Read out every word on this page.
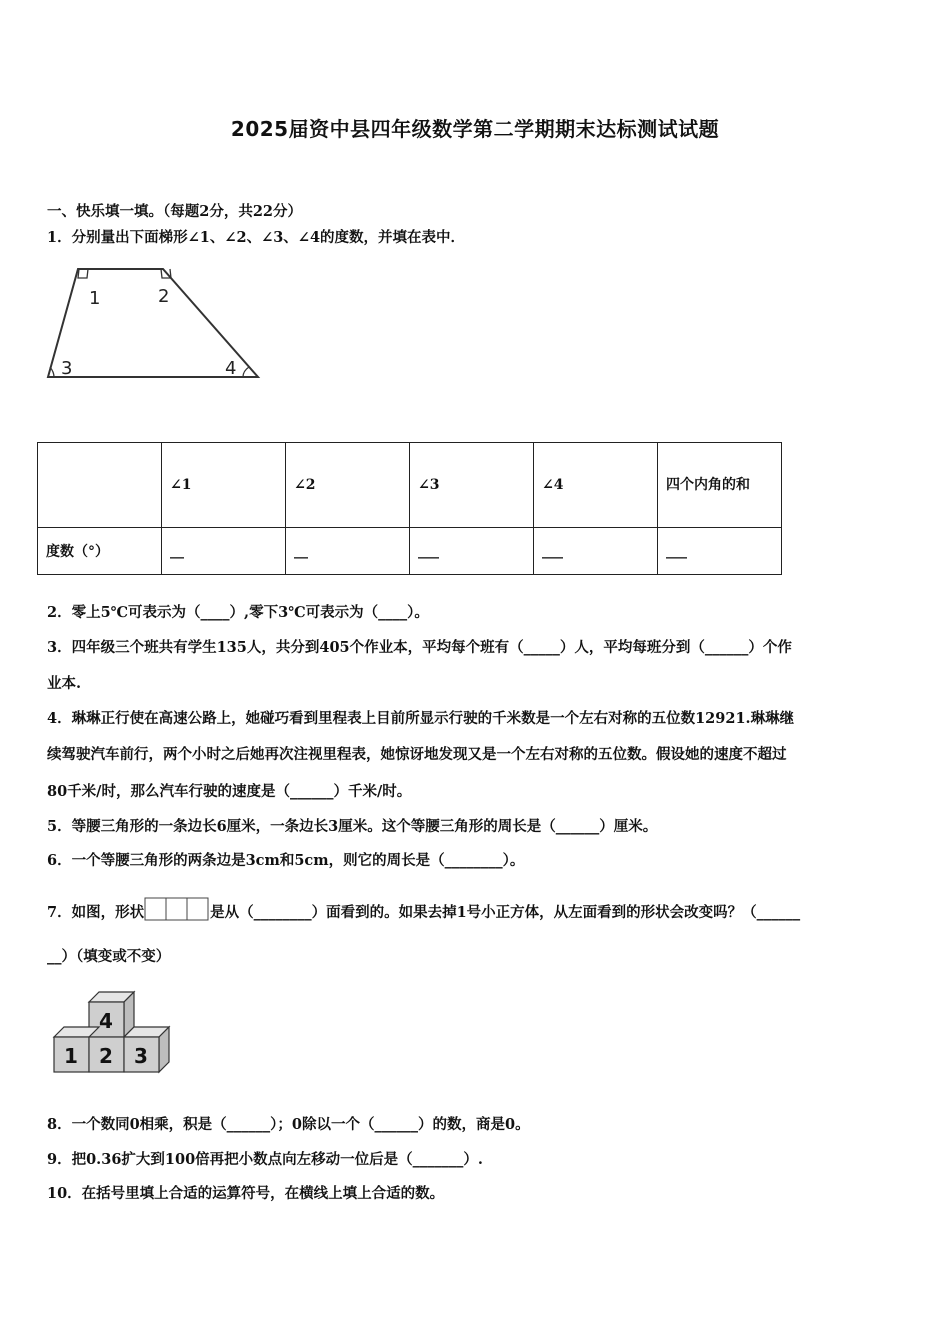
2025届资中县四年级数学第二学期期末达标测试试题
一、快乐填一填。（每题2分，共22分）
1．分别量出下面梯形∠1、∠2、∠3、∠4的度数，并填在表中．
1	2
3	4
	∠1	∠2	∠3	∠4	四个内角的和
度数（°）	__	__	___	___	___
2．零上5℃可表示为（____）,零下3℃可表示为（____）。
3．四年级三个班共有学生135人，共分到405个作业本，平均每个班有（_____）人，平均每班分到（______）个作
业本.
4．琳琳正行使在高速公路上，她碰巧看到里程表上目前所显示行驶的千米数是一个左右对称的五位数12921.琳琳继
续驾驶汽车前行，两个小时之后她再次注视里程表，她惊讶地发现又是一个左右对称的五位数。假设她的速度不超过
80千米/时，那么汽车行驶的速度是（______）千米/时。
5．等腰三角形的一条边长6厘米，一条边长3厘米。这个等腰三角形的周长是（______）厘米。
6．一个等腰三角形的两条边是3cm和5cm，则它的周长是（________）。
7．如图，形状	是从（________）面看到的。如果去掉1号小正方体，从左面看到的形状会改变吗？（______
__）（填变或不变）
4
1 2 3
8．一个数同0相乘，积是（______）；0除以一个（______）的数，商是0。
9．把0.36扩大到100倍再把小数点向左移动一位后是（_______）.
10．在括号里填上合适的运算符号，在横线上填上合适的数。
